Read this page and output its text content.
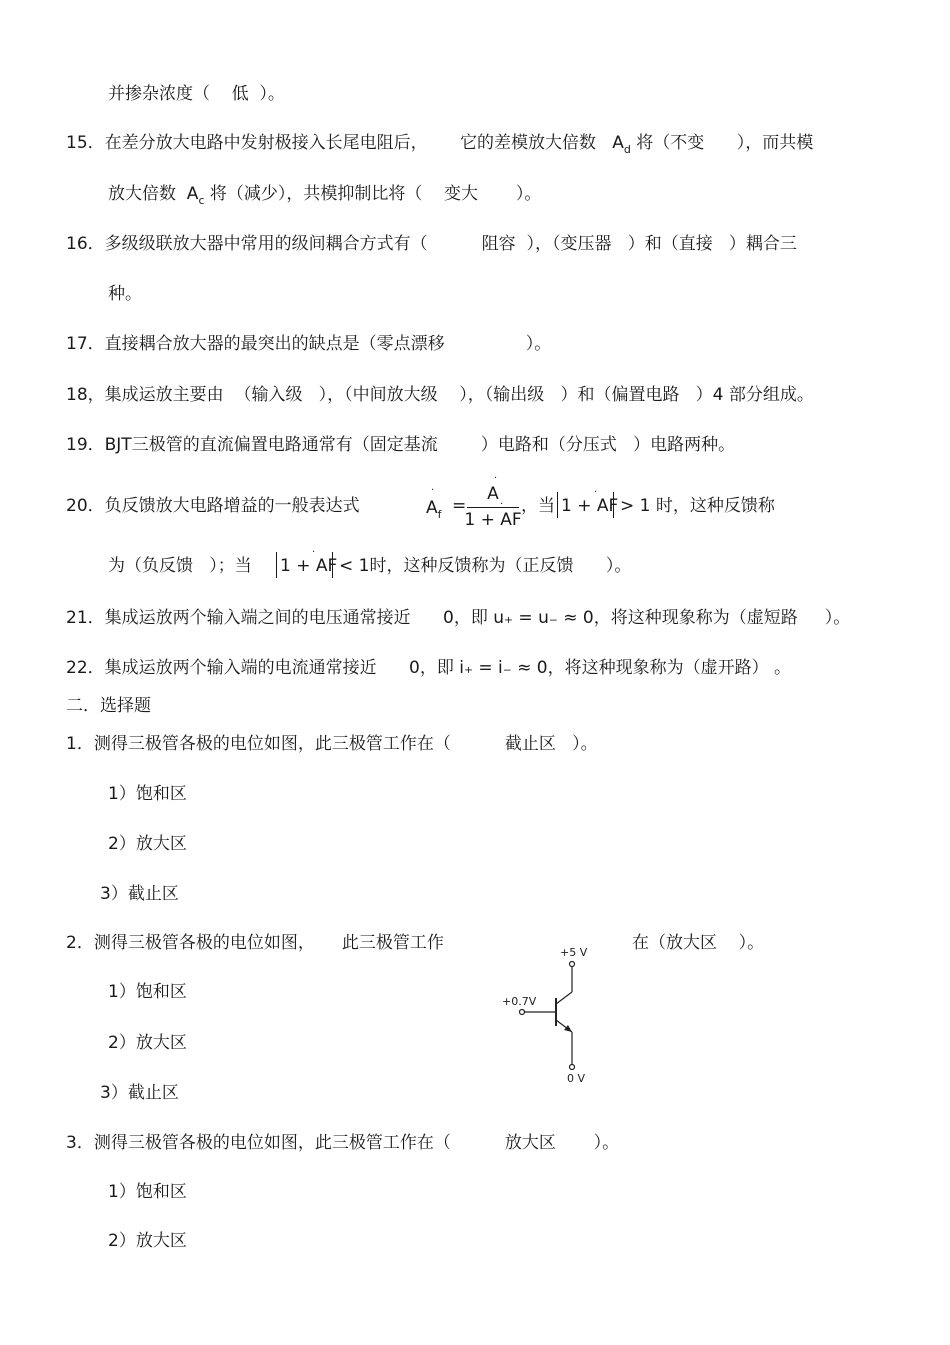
并掺杂浓度（    低  ）。
15．在差分放大电路中发射极接入长尾电阻后，      它的差模放大倍数   $A_d$ 将（不变      ），而共模
放大倍数  $A_c$ 将（减少），共模抑制比将（    变大       ）。
16．多级级联放大器中常用的级间耦合方式有（          阻容  ），（变压器   ）和（直接   ）耦合三
种。
17．直接耦合放大器的最突出的缺点是（零点漂移               ）。
18，集成运放主要由  （输入级   ），（中间放大级    ），（输出级   ）和（偏置电路   ）4 部分组成。
19．BJT三极管的直流偏置电路通常有（固定基流        ）电路和（分压式   ）电路两种。
20．负反馈放大电路增益的一般表达式
·
$A_f$ =
·
A
·
1 + AF
，当
·
1 + AF > 1 时，这种反馈称
为（负反馈   ）；当
·
1 + AF < 1时，这种反馈称为（正反馈      ）。
21．集成运放两个输入端之间的电压通常接近      0，即 u₊ = u₋ ≈ 0，将这种现象称为（虚短路     ）。
22．集成运放两个输入端的电流通常接近      0，即 i₊ = i₋ ≈ 0，将这种现象称为（虚开路） 。
二．选择题
1．测得三极管各极的电位如图，此三极管工作在（          截止区   ）。
1）饱和区
2）放大区
3）截止区
2．测得三极管各极的电位如图，     此三极管工作	在（放大区    ）。
1）饱和区
2）放大区
3）截止区
+5 V
+0.7V
0 V
3．测得三极管各极的电位如图，此三极管工作在（          放大区       ）。
1）饱和区
2）放大区
